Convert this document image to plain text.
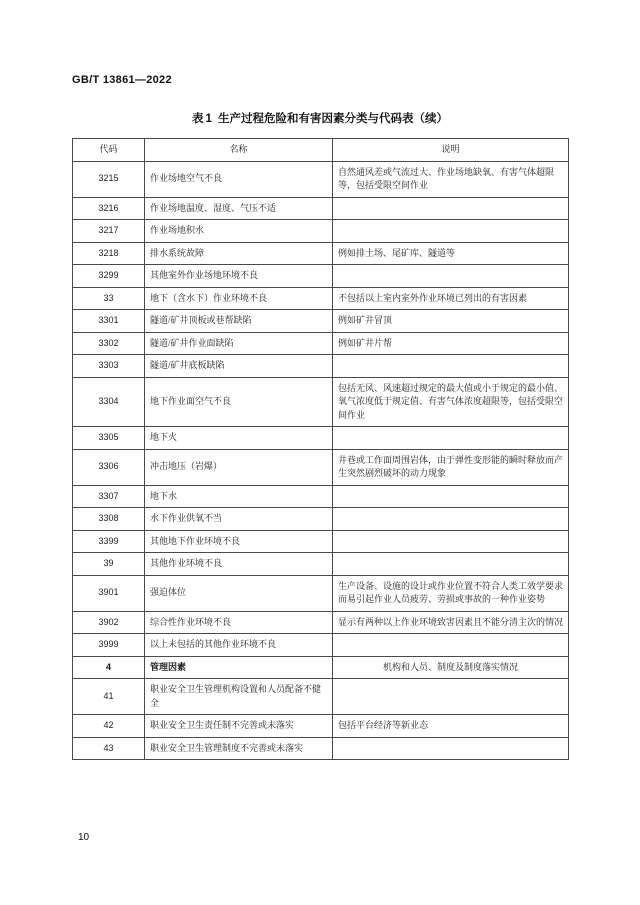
GB/T 13861—2022
表 1 生产过程危险和有害因素分类与代码表（续）
代码	名称	说明
3215	作业场地空气不良	自然通风差或气流过大、作业场地缺氧、有害气体超限等，包括受限空间作业
3216	作业场地温度、湿度、气压不适	
3217	作业场地积水	
3218	排水系统故障	例如排土场、尾矿库、隧道等
3299	其他室外作业场地环境不良	
33	地下（含水下）作业环境不良	不包括以上室内室外作业环境已列出的有害因素
3301	隧道/矿井顶板或巷帮缺陷	例如矿井冒顶
3302	隧道/矿井作业面缺陷	例如矿井片帮
3303	隧道/矿井底板缺陷	
3304	地下作业面空气不良	包括无风、风速超过规定的最大值或小于规定的最小值、氧气浓度低于规定值、有害气体浓度超限等，包括受限空间作业
3305	地下火	
3306	冲击地压（岩爆）	井巷或工作面周围岩体，由于弹性变形能的瞬时释放而产生突然剧烈破坏的动力现象
3307	地下水	
3308	水下作业供氧不当	
3399	其他地下作业环境不良	
39	其他作业环境不良	
3901	强迫体位	生产设备、设施的设计或作业位置不符合人类工效学要求而易引起作业人员疲劳、劳损或事故的一种作业姿势
3902	综合性作业环境不良	显示有两种以上作业环境致害因素且不能分清主次的情况
3999	以上未包括的其他作业环境不良	
4	管理因素	机构和人员、制度及制度落实情况
41	职业安全卫生管理机构设置和人员配备不健全	
42	职业安全卫生责任制不完善或未落实	包括平台经济等新业态
43	职业安全卫生管理制度不完善或未落实	
10
